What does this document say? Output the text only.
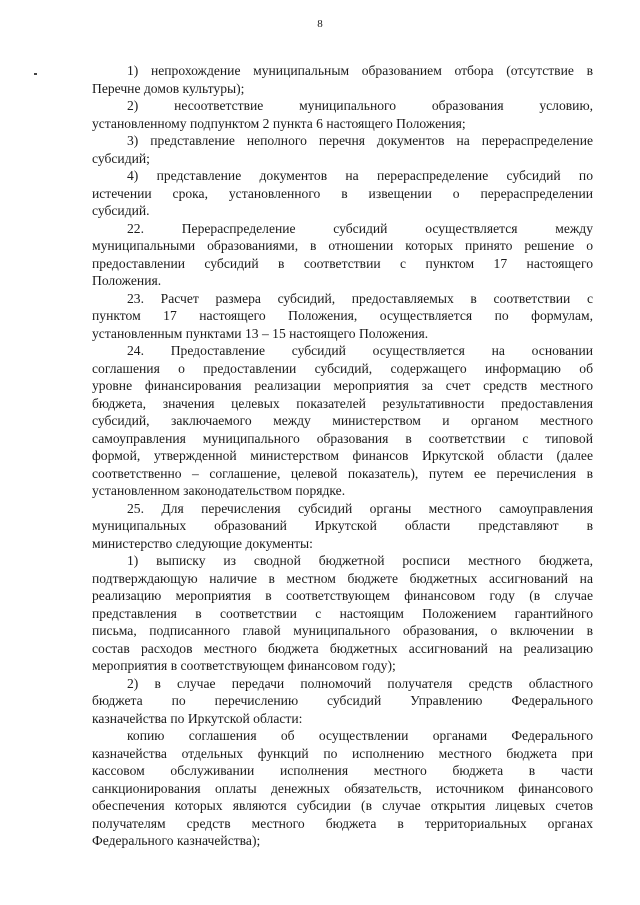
8

1) непрохождение муниципальным образованием отбора (отсутствие в
Перечне домов культуры);

2) несоответствие муниципального образования условию,
установленному подпунктом 2 пункта 6 настоящего Положения;

3) представление неполного перечня документов на перераспределение
субсидий;

4) представление документов на перераспределение субсидий по
истечении срока, установленного в извещении о перераспределении
субсидий.

22. Перераспределение субсидий осуществляется между
муниципальными образованиями, в отношении которых принято решение о
предоставлении субсидий в соответствии с пунктом 17 настоящего
Положения.

23. Расчет размера субсидий, предоставляемых в соответствии с
пунктом 17 настоящего Положения, осуществляется по формулам,
установленным пунктами 13 – 15 настоящего Положения.

24. Предоставление субсидий осуществляется на основании
соглашения о предоставлении субсидий, содержащего информацию об
уровне финансирования реализации мероприятия за счет средств местного
бюджета, значения целевых показателей результативности предоставления
субсидий, заключаемого между министерством и органом местного
самоуправления муниципального образования в соответствии с типовой
формой, утвержденной министерством финансов Иркутской области (далее
соответственно – соглашение, целевой показатель), путем ее перечисления в
установленном законодательством порядке.

25. Для перечисления субсидий органы местного самоуправления
муниципальных образований Иркутской области представляют в
министерство следующие документы:

1) выписку из сводной бюджетной росписи местного бюджета,
подтверждающую наличие в местном бюджете бюджетных ассигнований на
реализацию мероприятия в соответствующем финансовом году (в случае
представления в соответствии с настоящим Положением гарантийного
письма, подписанного главой муниципального образования, о включении в
состав расходов местного бюджета бюджетных ассигнований на реализацию
мероприятия в соответствующем финансовом году);

2) в случае передачи полномочий получателя средств областного
бюджета по перечислению субсидий Управлению Федерального
казначейства по Иркутской области:

копию соглашения об осуществлении органами Федерального
казначейства отдельных функций по исполнению местного бюджета при
кассовом обслуживании исполнения местного бюджета в части
санкционирования оплаты денежных обязательств, источником финансового
обеспечения которых являются субсидии (в случае открытия лицевых счетов
получателям средств местного бюджета в территориальных органах
Федерального казначейства);
